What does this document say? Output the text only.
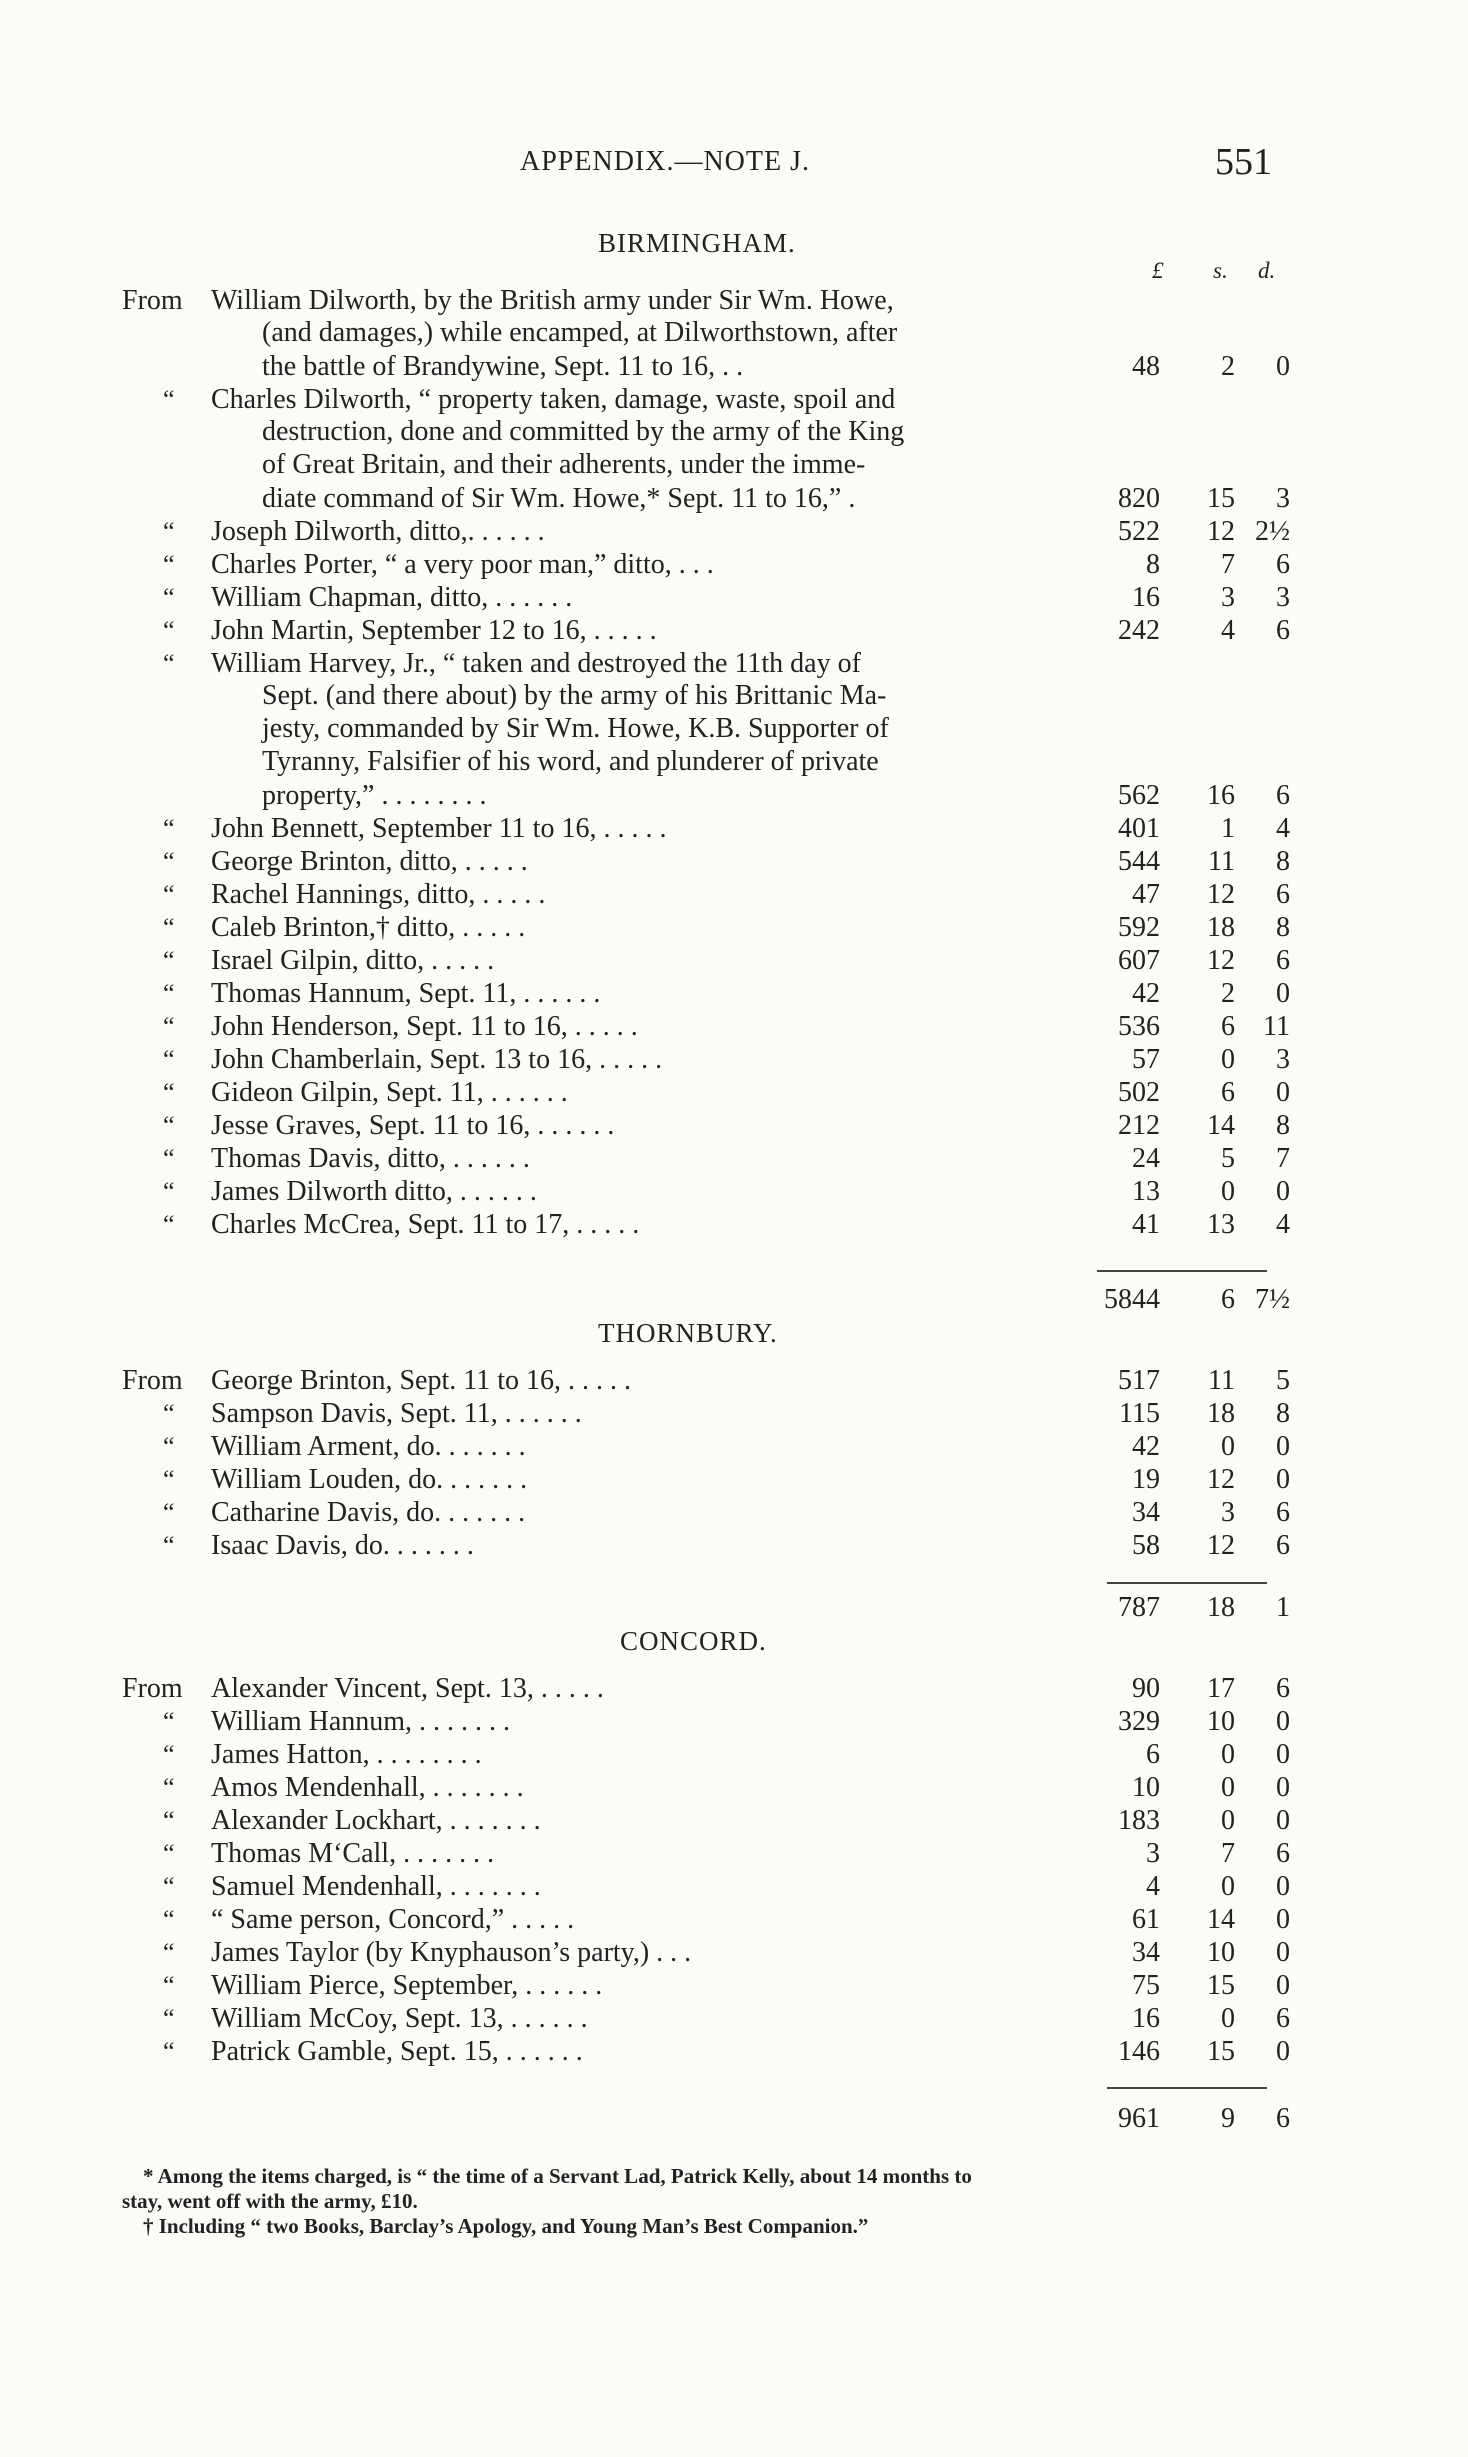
APPENDIX.—NOTE J.	551
BIRMINGHAM.
£ s. d.
From William Dilworth, by the British army under Sir Wm. Howe,
(and damages,) while encamped, at Dilworthstown, after
the battle of Brandywine, Sept. 11 to 16, . .	48	2	0
“ Charles Dilworth, “ property taken, damage, waste, spoil and
destruction, done and committed by the army of the King
of Great Britain, and their adherents, under the imme-
diate command of Sir Wm. Howe,* Sept. 11 to 16,” .	820	15	3
“ Joseph Dilworth, ditto,. . . . . .	522	12 2½
“ Charles Porter, “ a very poor man,” ditto, . . .	8	7	6
“ William Chapman, ditto, . . . . . .	16	3	3
“ John Martin, September 12 to 16, . . . . .	242	4	6
“ William Harvey, Jr., “ taken and destroyed the 11th day of
Sept. (and there about) by the army of his Brittanic Ma-
jesty, commanded by Sir Wm. Howe, K.B. Supporter of
Tyranny, Falsifier of his word, and plunderer of private
property,” . . . . . . . .	562	16	6
“ John Bennett, September 11 to 16, . . . . .	401	1	4
“ George Brinton, ditto, . . . . .	544	11	8
“ Rachel Hannings, ditto, . . . . .	47	12	6
“ Caleb Brinton,† ditto, . . . . .	592	18	8
“ Israel Gilpin, ditto, . . . . .	607	12	6
“ Thomas Hannum, Sept. 11, . . . . . .	42	2	0
“ John Henderson, Sept. 11 to 16, . . . . .	536	6	11
“ John Chamberlain, Sept. 13 to 16, . . . . .	57	0	3
“ Gideon Gilpin, Sept. 11, . . . . . .	502	6	0
“ Jesse Graves, Sept. 11 to 16, . . . . . .	212	14	8
“ Thomas Davis, ditto, . . . . . .	24	5	7
“ James Dilworth ditto, . . . . . .	13	0	0
“ Charles McCrea, Sept. 11 to 17, . . . . .	41	13	4
5844	6 7½
THORNBURY.
From George Brinton, Sept. 11 to 16, . . . . .	517	11	5
“ Sampson Davis, Sept. 11, . . . . . .	115	18	8
“ William Arment, do. . . . . . .	42	0	0
“ William Louden, do. . . . . . .	19	12	0
“ Catharine Davis, do. . . . . . .	34	3	6
“ Isaac Davis, do. . . . . . .	58	12	6
787	18	1
CONCORD.
From Alexander Vincent, Sept. 13, . . . . .	90	17	6
“ William Hannum, . . . . . . .	329	10	0
“ James Hatton, . . . . . . . .	6	0	0
“ Amos Mendenhall, . . . . . . .	10	0	0
“ Alexander Lockhart, . . . . . . .	183	0	0
“ Thomas M‘Call, . . . . . . .	3	7	6
“ Samuel Mendenhall, . . . . . . .	4	0	0
“ “ Same person, Concord,” . . . . .	61	14	0
“ James Taylor (by Knyphauson’s party,) . . .	34	10	0
“ William Pierce, September, . . . . . .	75	15	0
“ William McCoy, Sept. 13, . . . . . .	16	0	6
“ Patrick Gamble, Sept. 15, . . . . . .	146	15	0
961	9	6
* Among the items charged, is “ the time of a Servant Lad, Patrick Kelly, about 14 months to
stay, went off with the army, £10.
† Including “ two Books, Barclay’s Apology, and Young Man’s Best Companion.”
